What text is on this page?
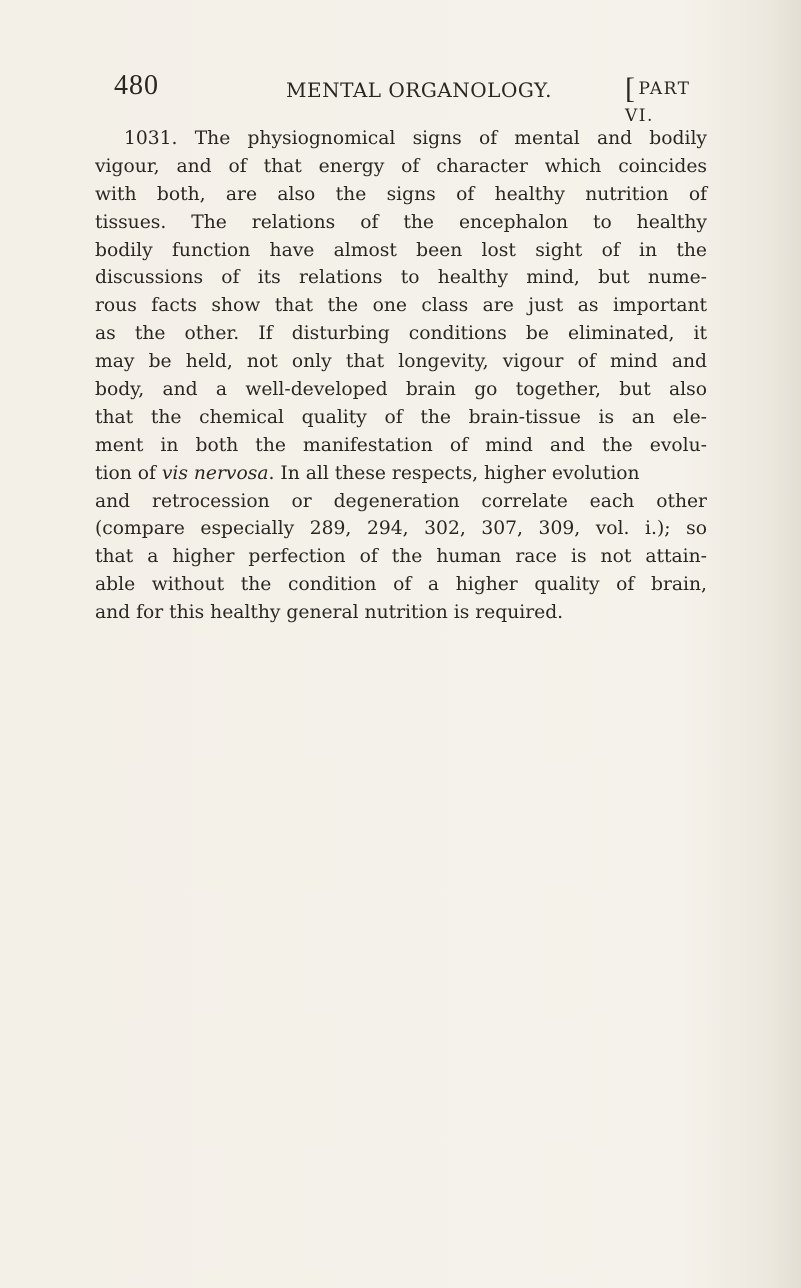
480	MENTAL ORGANOLOGY. [ PART VI.
1031. The physiognomical signs of mental and bodily
vigour, and of that energy of character which coincides
with both, are also the signs of healthy nutrition of
tissues. The relations of the encephalon to healthy
bodily function have almost been lost sight of in the
discussions of its relations to healthy mind, but nume-
rous facts show that the one class are just as important
as the other. If disturbing conditions be eliminated, it
may be held, not only that longevity, vigour of mind and
body, and a well-developed brain go together, but also
that the chemical quality of the brain-tissue is an ele-
ment in both the manifestation of mind and the evolu-
tion of vis nervosa. In all these respects, higher evolution
and retrocession or degeneration correlate each other
(compare especially 289, 294, 302, 307, 309, vol. i.); so
that a higher perfection of the human race is not attain-
able without the condition of a higher quality of brain,
and for this healthy general nutrition is required.
